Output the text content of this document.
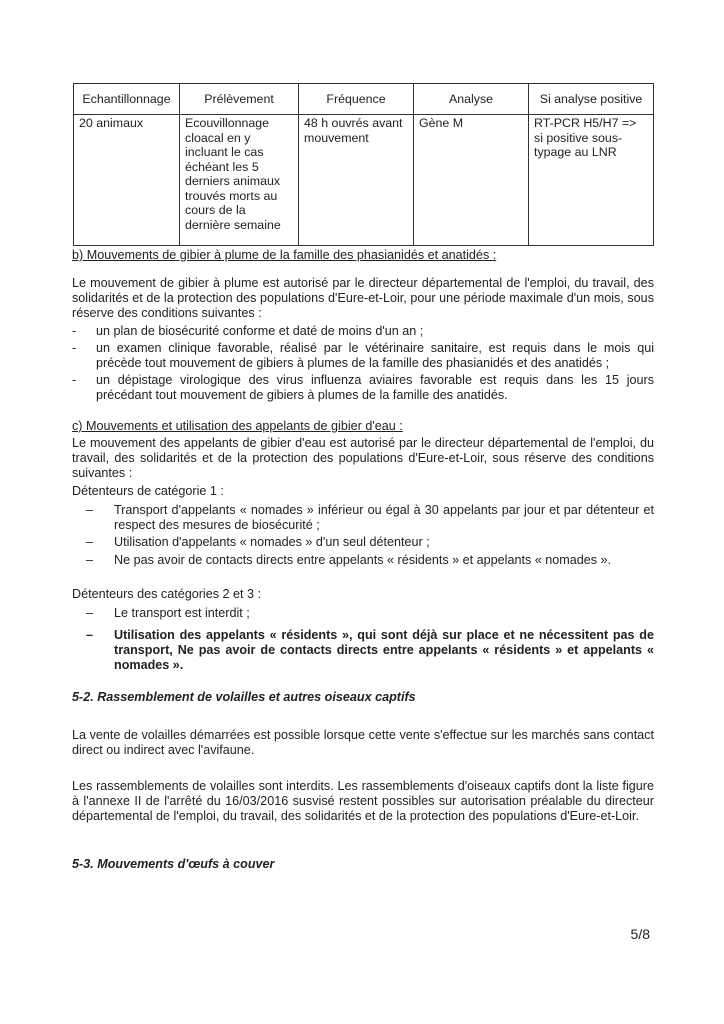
Echantillonnage	Prélèvement	Fréquence	Analyse	Si analyse positive
20 animaux	Ecouvillonnage cloacal en y incluant le cas échéant les 5 derniers animaux trouvés morts au cours de la dernière semaine	48 h ouvrés avant mouvement	Gène M	RT-PCR H5/H7 => si positive sous-typage au LNR
b) Mouvements de gibier à plume de la famille des phasianidés et anatidés :
Le mouvement de gibier à plume est autorisé par le directeur départemental de l'emploi, du travail, des solidarités et de la protection des populations d'Eure-et-Loir, pour une période maximale d'un mois, sous réserve des conditions suivantes :
- un plan de biosécurité conforme et daté de moins d'un an ;
- un examen clinique favorable, réalisé par le vétérinaire sanitaire, est requis dans le mois qui précède tout mouvement de gibiers à plumes de la famille des phasianidés et des anatidés ;
- un dépistage virologique des virus influenza aviaires favorable est requis dans les 15 jours précédant tout mouvement de gibiers à plumes de la famille des anatidés.
c) Mouvements et utilisation des appelants de gibier d'eau :
Le mouvement des appelants de gibier d'eau est autorisé par le directeur départemental de l'emploi, du travail, des solidarités et de la protection des populations d'Eure-et-Loir, sous réserve des conditions suivantes :
Détenteurs de catégorie 1 :
– Transport d'appelants « nomades » inférieur ou égal à 30 appelants par jour et par détenteur et respect des mesures de biosécurité ;
– Utilisation d'appelants « nomades » d'un seul détenteur ;
– Ne pas avoir de contacts directs entre appelants « résidents » et appelants « nomades ».
Détenteurs des catégories 2 et 3 :
– Le transport est interdit ;
– Utilisation des appelants « résidents », qui sont déjà sur place et ne nécessitent pas de transport, Ne pas avoir de contacts directs entre appelants « résidents » et appelants « nomades ».
5-2. Rassemblement de volailles et autres oiseaux captifs
La vente de volailles démarrées est possible lorsque cette vente s'effectue sur les marchés sans contact direct ou indirect avec l'avifaune.
Les rassemblements de volailles sont interdits. Les rassemblements d'oiseaux captifs dont la liste figure à l'annexe II de l'arrêté du 16/03/2016 susvisé restent possibles sur autorisation préalable du directeur départemental de l'emploi, du travail, des solidarités et de la protection des populations d'Eure-et-Loir.
5-3. Mouvements d'œufs à couver
5/8
